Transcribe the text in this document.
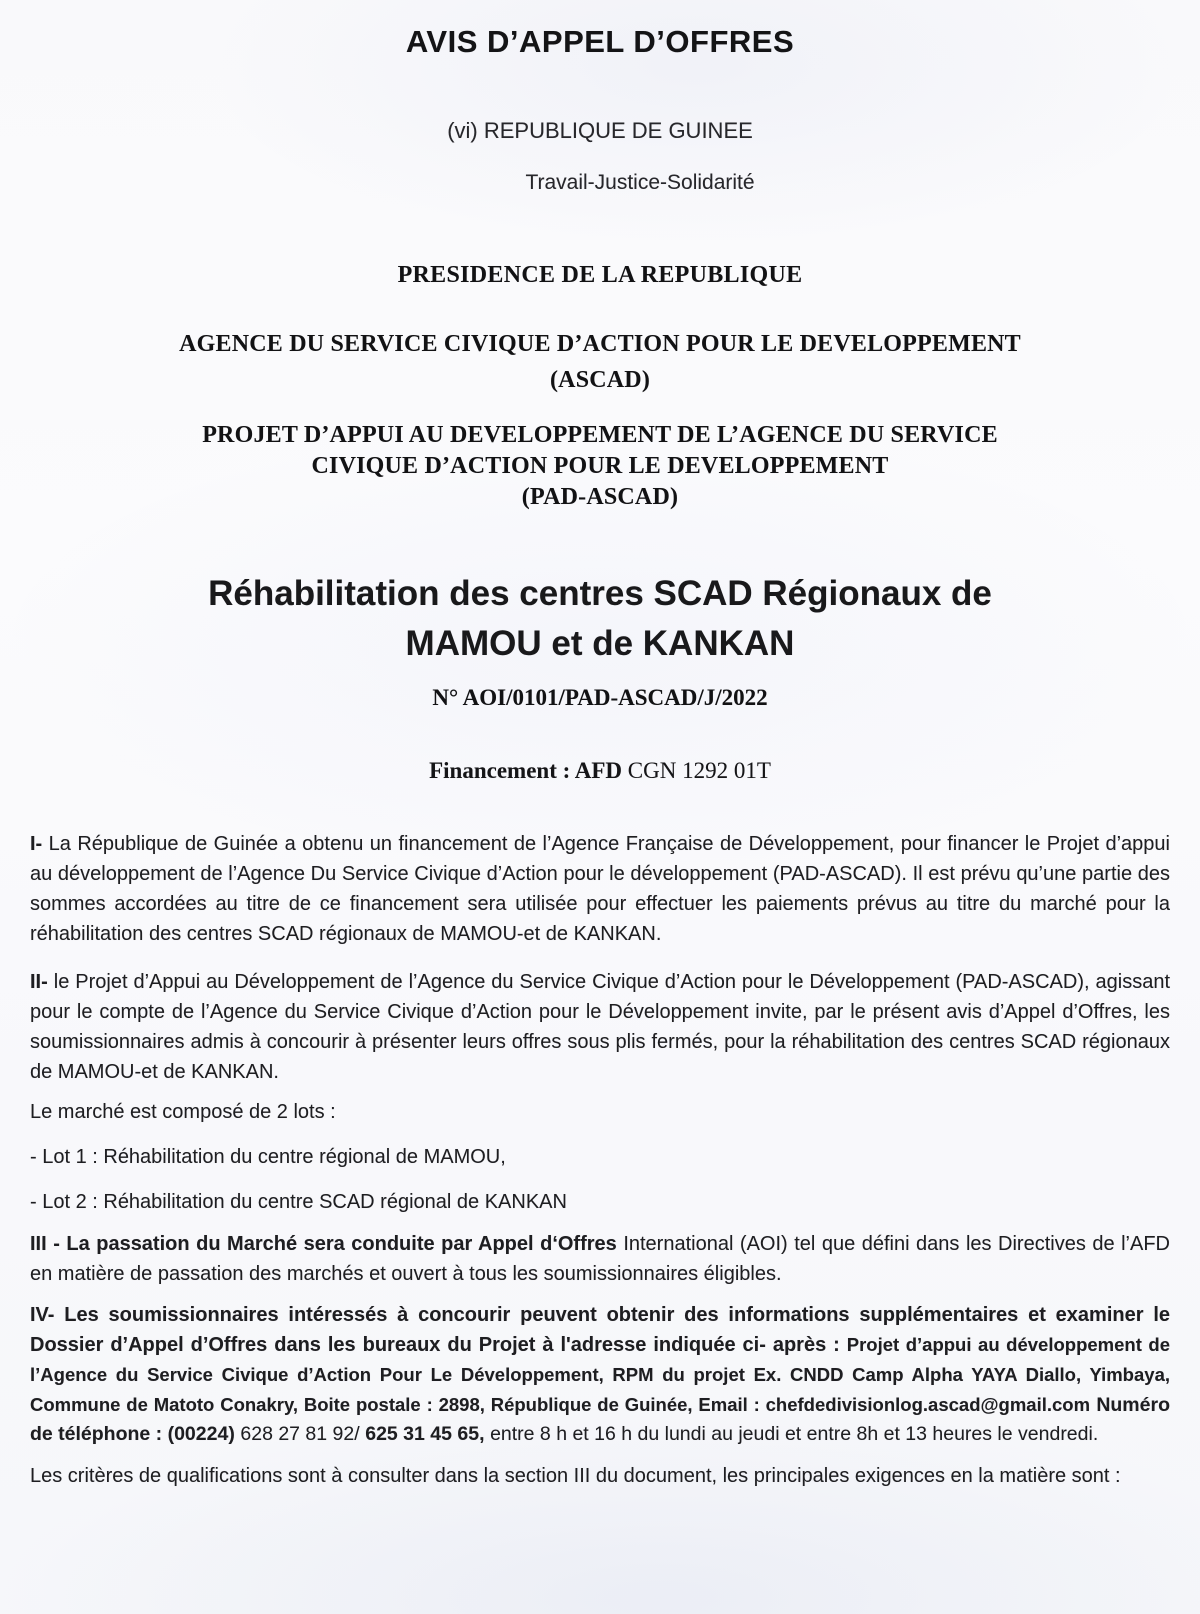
AVIS D’APPEL D’OFFRES
(vi) REPUBLIQUE DE GUINEE
Travail-Justice-Solidarité
PRESIDENCE DE LA REPUBLIQUE
AGENCE DU SERVICE CIVIQUE D’ACTION POUR LE DEVELOPPEMENT
(ASCAD)
PROJET D’APPUI AU DEVELOPPEMENT DE L’AGENCE DU SERVICE
CIVIQUE D’ACTION POUR LE DEVELOPPEMENT
(PAD-ASCAD)
Réhabilitation des centres SCAD Régionaux de
MAMOU et de KANKAN
N° AOI/0101/PAD-ASCAD/J/2022
Financement : AFD CGN 1292 01T

I- La République de Guinée a obtenu un financement de l’Agence Française de Développement, pour financer le Projet d’appui au développement de l’Agence Du Service Civique d’Action pour le développement (PAD-ASCAD). Il est prévu qu’une partie des sommes accordées au titre de ce financement sera utilisée pour effectuer les paiements prévus au titre du marché pour la réhabilitation des centres SCAD régionaux de MAMOU-et de KANKAN.

II- le Projet d’Appui au Développement de l’Agence du Service Civique d’Action pour le Développement (PAD-ASCAD), agissant pour le compte de l’Agence du Service Civique d’Action pour le Développement invite, par le présent avis d’Appel d’Offres, les soumissionnaires admis à concourir à présenter leurs offres sous plis fermés, pour la réhabilitation des centres SCAD régionaux de MAMOU-et de KANKAN.

Le marché est composé de 2 lots :

- Lot 1 : Réhabilitation du centre régional de MAMOU,

- Lot 2 : Réhabilitation du centre SCAD régional de KANKAN

III - La passation du Marché sera conduite par Appel d‘Offres International (AOI) tel que défini dans les Directives de l’AFD en matière de passation des marchés et ouvert à tous les soumissionnaires éligibles.

IV- Les soumissionnaires intéressés à concourir peuvent obtenir des informations supplémentaires et examiner le Dossier d’Appel d’Offres dans les bureaux du Projet à l'adresse indiquée ci- après : Projet d’appui au développement de l’Agence du Service Civique d’Action Pour Le Développement, RPM du projet Ex. CNDD Camp Alpha YAYA Diallo, Yimbaya, Commune de Matoto Conakry, Boite postale : 2898, République de Guinée, Email : chefdedivisionlog.ascad@gmail.com Numéro de téléphone : (00224) 628 27 81 92/ 625 31 45 65, entre 8 h et 16 h du lundi au jeudi et entre 8h et 13 heures le vendredi.

Les critères de qualifications sont à consulter dans la section III du document, les principales exigences en la matière sont :
